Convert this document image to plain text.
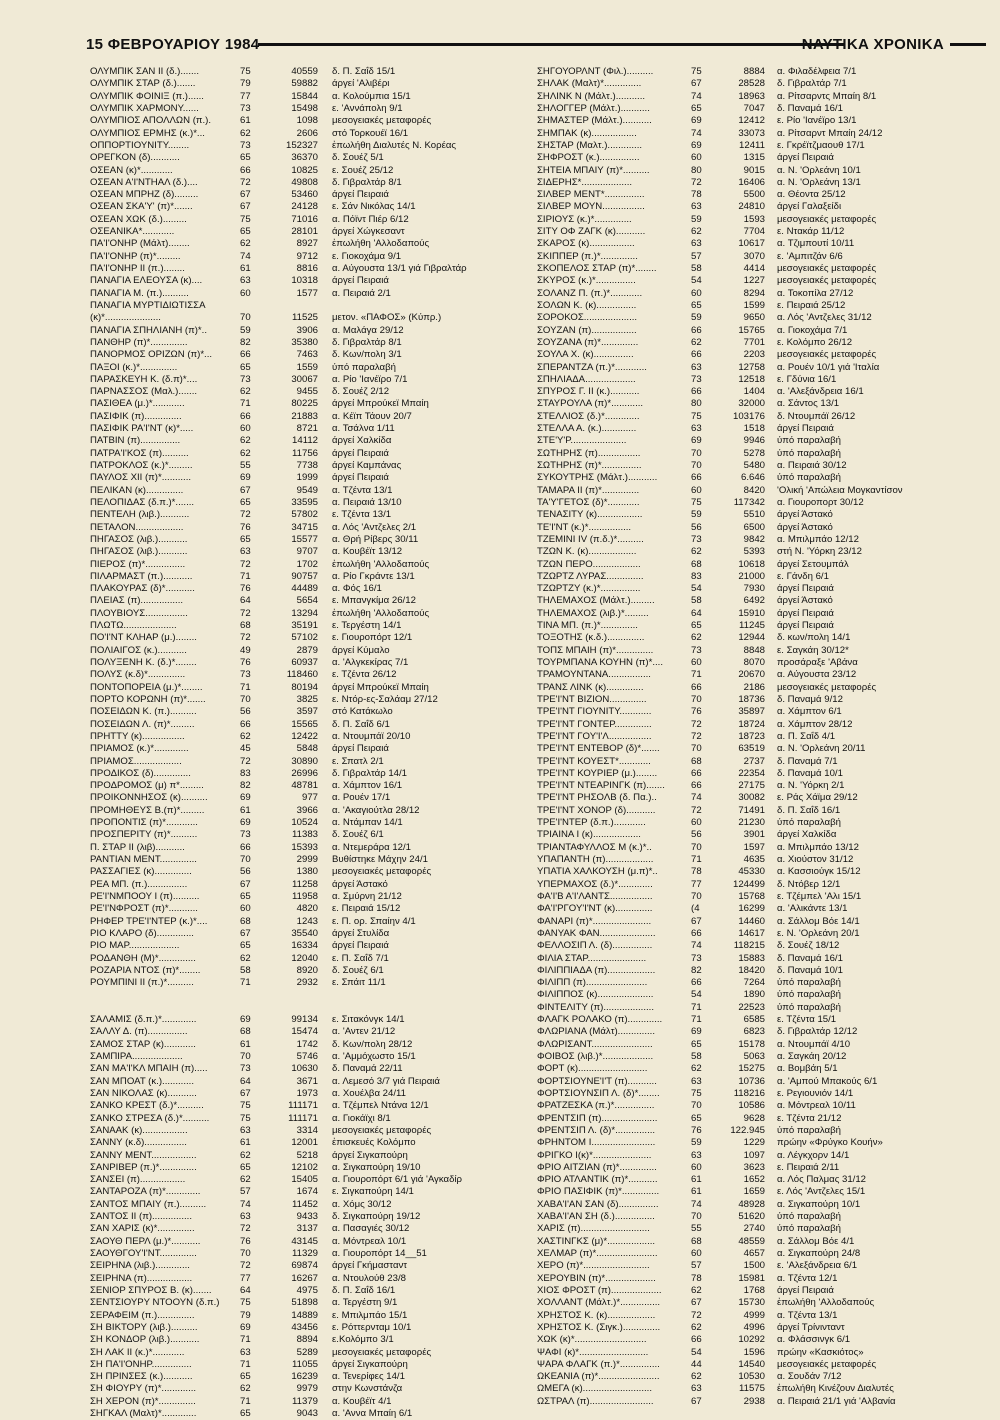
15 ΦΕΒΡΟΥΑΡΙΟΥ 1984	ΝΑΥΤΙΚΑ ΧΡΟΝΙΚΑ
ΟΛΥΜΠΙΚ ΣΑΝ ΙΙ (δ.).......	75	40559 δ. Π. Σαΐδ 15/1
ΟΛΥΜΠΙΚ ΣΤΑΡ (δ.).......	79	59882 άργεί 'Αλιβέρι
ΟΛΥΜΠΙΚ ΦΟΙΝΙΞ (π.)......	77	15844 α. Κολούμπια 15/1
ΟΛΥΜΠΙΚ ΧΑΡΜΟΝΥ......	73	15498 ε. 'Αννάπολη 9/1
ΟΛΥΜΠΙΟΣ ΑΠΟΛΛΩΝ (π.).	61	1098 μεσογειακές μεταφορές
ΟΛΥΜΠΙΟΣ ΕΡΜΗΣ (κ.)*...	62	2606 στό Τορκουέϊ 16/1
ΟΠΠΟΡΤΙΟΥΝΙΤΥ........	73	152327 ἐπωλήθη Διαλυτές Ν. Κορέας
ΟΡΕΓΚΟΝ (δ)...........	65	36370 δ. Σουέζ 5/1
ΟΣΕΑΝ (κ)*............	66	10825 ε. Σουέζ 25/12
ΟΣΕΑΝ Α'Ι'ΝΤΗΑΛ (δ.)....	72	49808 δ. Γιβραλτάρ 8/1
ΟΣΕΑΝ ΜΠΡΗΖ (δ).........	67	53460 άργεί Πειραιά
ΟΣΕΑΝ ΣΚΑ'Υ' (π)*.......	67	24128 ε. Σάν Νικόλας 14/1
ΟΣΕΑΝ ΧΩΚ (δ.).........	75	71016 α. Πόϊντ Πιέρ 6/12
ΟΣΕΑΝΙΚΑ*............	65	28101 άργεί Χώγκεσαντ
ΠΑ'Ι'ΟΝΗΡ (Μάλτ)........	62	8927 ἐπωλήθη 'Αλλοδαπούς
ΠΑ'Ι'ΟΝΗΡ (π)*.........	74	9712 ε. Γιοκοχάμα 9/1
ΠΑ'Ι'ΟΝΗΡ ΙΙ (π.)........	61	8816 α. Αύγουστα 13/1 γιά Γιβραλτάρ
ΠΑΝΑΓΙΑ ΕΛΕΟΥΣΑ (κ)....	63	10318 άργεί Πειραιά
ΠΑΝΑΓΙΑ Μ. (π.)..........	60	1577 α. Πειραιά 2/1
ΠΑΝΑΓΙΑ ΜΥΡΤΙΔΙΩΤΙΣΣΑ
(κ)*.....................	70	11525 μετον. «ΠΑΦΟΣ» (Κύπρ.)
ΠΑΝΑΓΙΑ ΣΠΗΛΙΑΝΗ (π)*..	59	3906 α. Μαλάγα 29/12
ΠΑΝΘΗΡ (π)*..............	82	35380 δ. Γιβραλτάρ 8/1
ΠΑΝΟΡΜΟΣ ΟΡΙΖΩΝ (π)*...	66	7463 δ. Κων/πολη 3/1
ΠΑΞΟΙ (κ.)*..............	65	1559 ύπό παραλαβή
ΠΑΡΑΣΚΕΥΗ Κ. (δ.π)*....	73	30067 α. Ρίο 'Ιανέϊρο 7/1
ΠΑΡΝΑΣΣΟΣ (Μαλ.).......	62	9455 δ. Σουέζ 2/12
ΠΑΣΙΘΕΑ (μ.)*............	71	80225 άργεί Μπρούκεϊ Μπαίη
ΠΑΣΙΦΙΚ (π)..............	66	21883 α. Κέϊπ Τάουν 20/7
ΠΑΣΙΦΙΚ ΡΑ'Ι'ΝΤ (κ)*.....	60	8721 α. Τσάλνα 1/11
ΠΑΤΒΙΝ (π)...............	62	14112 άργεί Χαλκίδα
ΠΑΤΡΑ'Ι'ΚΟΣ (π)..........	62	11756 άργεί Πειραιά
ΠΑΤΡΟΚΛΟΣ (κ.)*.........	55	7738 άργεί Καμπάνας
ΠΑΥΛΟΣ ΧΙΙ (π)*...........	69	1999 άργεί Πειραιά
ΠΕΛΙΚΑΝ (κ)..............	67	9549 α. Τζέντα 13/1
ΠΕΛΟΠΙΔΑΣ (δ.π.)*.......	65	33595 α. Πειραιά 13/10
ΠΕΝΤΕΛΗ (λιβ.)...........	72	57802 ε. Τζέντα 13/1
ΠΕΤΑΛΟΝ..................	76	34715 α. Λός 'Αντζελες 2/1
ΠΗΓΑΣΟΣ (λιβ.)...........	65	15577 α. Θρή Ρίβερς 30/11
ΠΗΓΑΣΟΣ (λιβ.)...........	63	9707 α. Κουβέϊτ 13/12
ΠΙΕΡΟΣ (π)*...............	72	1702 ἐπωλήθη 'Αλλοδαπούς
ΠΙΛΑΡΜΑΣΤ (π.)...........	71	90757 α. Ρίο Γκράντε 13/1
ΠΛΑΚΟΥΡΑΣ (δ)*...........	76	44489 α. Φός 16/1
ΠΛΕΙΑΣ (π)................	64	5654 ε. Μπανγκίμα 26/12
ΠΛΟΥΒΙΟΥΣ................	72	13294 ἐπωλήθη 'Αλλοδαπούς
ΠΛΩΤΩ....................	68	35191 ε. Τεργέστη 14/1
ΠΟ'Ι'ΝΤ ΚΛΗΑΡ (μ.)........	72	57102 ε. Γιουροπόρτ 12/1
ΠΟΛΙΑΙΓΟΣ (κ.)...........	49	2879 άργεί Κύμαλο
ΠΟΛΥΞΕΝΗ Κ. (δ.)*........	76	60937 α. 'Αλγκεκίρας 7/1
ΠΟΛΥΣ (κ.δ)*..............	73	118460 ε. Τζέντα 26/12
ΠΟΝΤΟΠΟΡΕΙΑ (μ.)*........	71	80194 άργεί Μπρούκεϊ Μπαίη
ΠΟΡΤΟ ΚΟΡΩΝΗ (π)*.......	70	3825 ε. Ντόρ-ες-Σαλάαμ 27/12
ΠΟΣΕΙΔΩΝ Κ. (π.)..........	56	3597 στό Κατάκωλο
ΠΟΣΕΙΔΩΝ Λ. (π)*.........	66	15565 δ. Π. Σαΐδ 6/1
ΠΡΗΤΤΥ (κ)................	62	12422 α. Ντουμπάϊ 20/10
ΠΡΙΑΜΟΣ (κ.)*.............	45	5848 άργεί Πειραιά
ΠΡΙΑΜΟΣ..................	72	30890 ε. Σπατλ 2/1
ΠΡΟΔΙΚΟΣ (δ)..............	83	26996 δ. Γιβραλτάρ 14/1
ΠΡΟΔΡΟΜΟΣ (μ) π*.........	82	48781 α. Χάμπτον 16/1
ΠΡΟΙΚΟΝΝΗΣΟΣ (κ)..........	69	977 α. Ρουέν 17/1
ΠΡΟΜΗΘΕΥΣ Β.(π)*.........	61	3966 α. 'Ακαγιούτλα 28/12
ΠΡΟΠΟΝΤΙΣ (π)*............	69	10524 α. Ντάμπαν 14/1
ΠΡΟΣΠΕΡΙΤΥ (π)*..........	73	11383 δ. Σουέζ 6/1
Π. ΣΤΑΡ ΙΙ (λιβ)...........	66	15393 α. Ντεμεράρα 12/1
ΡΑΝΤΙΑΝ ΜΕΝΤ..............	70	2999 Βυθίστηκε Μάχην 24/1
ΡΑΣΣΑΓΙΕΣ (κ)..............	56	1380 μεσογειακές μεταφορές
ΡΕΑ ΜΠ. (π.)...............	67	11258 άργεί Άστακό
ΡΕ'Ι'ΝΜΠΟΟΥ Ι (π)..........	65	11958 α. Σμύρνη 21/12
ΡΕ'Ι'ΝΦΡΟΣΤ (π)*...........	60	4820 ε. Πειραιά 15/12
ΡΗΦΕΡ ΤΡΕ'Ι'ΝΤΕΡ (κ.)*....	68	1243 ε. Π. ορ. Σπαίην 4/1
ΡΙΟ ΚΛΑΡΟ (δ)..............	67	35540 άργεί Στυλίδα
ΡΙΟ ΜΑΡ...................	65	16334 άργεί Πειραιά
ΡΟΔΑΝΘΗ (Μ)*..............	62	12040 ε. Π. Σαΐδ 7/1
ΡΟΖΑΡΙΑ ΝΤΟΣ (π)*........	58	8920 δ. Σουέζ 6/1
ΡΟΥΜΠΙΝΙ ΙΙ (π.)*..........	71	2932 ε. Σπάιτ 11/1
ΣΑΛΑΜΙΣ (δ.π.)*.............	69	99134 ε. Σιτακόνγκ 14/1
ΣΑΛΛΥ Δ. (π)...............	68	15474 α. 'Αντεν 21/12
ΣΑΜΟΣ ΣΤΑΡ (κ)............	61	1742 δ. Κων/πολη 28/12
ΣΑΜΠΙΡΑ...................	70	5746 α. 'Αμμόχωστο 15/1
ΣΑΝ ΜΑ'Ι'ΚΛ ΜΠΑΙΗ (π).....	73	10630 δ. Παναμά 22/11
ΣΑΝ ΜΠΟΑΤ (κ.)............	64	3671 α. Λεμεσό 3/7 γιά Πειραιά
ΣΑΝ ΝΙΚΟΛΑΣ (κ)...........	67	1973 α. Χουέλβα 24/11
ΣΑΝΚΟ ΚΡΕΣΤ (δ.)*..........	75	111171 α. Τζέμπελ Ντάνα 12/1
ΣΑΝΚΟ ΣΤΡΕΣΑ (δ.)*..........	75	111171 α. Γιοκάϊχι 8/1
ΣΑΝΑΑΚ (κ).................	63	3314 μεσογειακές μεταφορές
ΣΑΝΝΥ (κ.δ)................	61	12001 ἐπισκευές Κολόμπο
ΣΑΝΝΥ ΜΕΝΤ.................	62	5218 άργεί Σιγκαπούρη
ΣΑΝΡΙΒΕΡ (π.)*..............	65	12102 α. Σιγκαπούρη 19/10
ΣΑΝΣΕΙ (π).................	62	15405 α. Γιουροπόρτ 6/1 γιά 'Αγκαδίρ
ΣΑΝΤΑΡΟΖΑ (π)*.............	57	1674 ε. Σιγκαπούρη 14/1
ΣΑΝΤΟΣ ΜΠΑΙΥ (π.)..........	74	11452 α. Χόμς 30/12
ΣΑΝΤΟΣ ΙΙ (π)...............	63	9433 δ. Σιγκαπούρη 19/12
ΣΑΝ ΧΑΡΙΣ (κ)*..............	72	3137 α. Πασαγιές 30/12
ΣΑΟΥΘ ΠΕΡΛ (μ.)*...........	76	43145 α. Μόντρεαλ 10/1
ΣΑΟΥΘΓΟΥ'Ι'ΝΤ..............	70	11329 α. Γιουροπόρτ 14__51
ΣΕΙΡΗΝΑ (λιβ.).............	72	69874 άργεί Γκήμασταντ
ΣΕΙΡΗΝΑ (π).................	77	16267 α. Ντουλούθ 23/8
ΣΕΝΙΟΡ ΣΠΥΡΟΣ Β. (κ).......	64	4975 δ. Π. Σαΐδ 16/1
ΣΕΝΤΣΙΟΥΡΥ ΝΤΟΟΥΝ (δ.π.)	75	51898 α. Τεργέστη 9/1
ΣΕΡΑΦΕΙΜ (π.)..............	79	14889 ε. Μπιλμπάο 15/1
ΣΗ ΒΙΚΤΟΡΥ (λιβ.)..........	69	43456 ε. Ρόττερνταμ 10/1
ΣΗ ΚΟΝΔΟΡ (λιβ.)...........	71	8894 ε.Κολόμπο 3/1
ΣΗ ΛΑΚ ΙΙ (κ.)*............	63	5289 μεσογειακές μεταφορές
ΣΗ ΠΑ'Ι'ΟΝΗΡ...............	71	11055 άργεί Σιγκαπούρη
ΣΗ ΠΡΙΝΣΕΣ (κ.)...........	65	16239 α. Τενερίφες 14/1
ΣΗ ΦΙΟΥΡΥ (π)*.............	62	9979 στην Κωνστάνζα
ΣΗ ΧΕΡΟΝ (π)*..............	71	11379 α. Κουβέϊτ 4/1
ΣΗΓΚΑΛ (Μαλτ)*.............	65	9043 α. 'Αννα Μπαίη 6/1
ΣΗΓΟΥΟΡΛΝΤ (Φιλ.)..........	75	8884 α. Φιλαδέλφεια 7/1
ΣΗΛΑΚ (Μαλτ)*..............	67	28528 δ. Γιβραλτάρ 7/1
ΣΗΛΙΝΚ Ν (Μάλτ.)...........	74	18963 α. Ρίτσαρντς Μπαίη 8/1
ΣΗΛΟΓΓΕΡ (Μάλτ.)...........	65	7047 δ. Παναμά 16/1
ΣΗΜΑΣΤΕΡ (Μάλτ.)...........	69	12412 ε. Ρίο 'Ιανέϊρο 13/1
ΣΗΜΠΑΚ (κ).................	74	33073 α. Ρίτσαρντ Μπαίη 24/12
ΣΗΣΤΑΡ (Μαλτ.).............	69	12411 ε. Γκρέϊτζμαουθ 17/1
ΣΗΦΡΟΣΤ (κ.)...............	60	1315 άργεί Πειραιά
ΣΗΤΕΙΑ ΜΠΑΙΥ (π)*..........	80	9015 α. Ν. 'Ορλεάνη 10/1
ΣΙΔΕΡΗΣ*...................	72	16406 α. Ν. 'Ορλεάνη 13/1
ΣΙΛΒΕΡ ΜΕΝΤ*...............	78	5500 α. Θέοντα 25/12
ΣΙΛΒΕΡ ΜΟΥΝ................	63	24810 άργεί Γαλαξείδι
ΣΙΡΙΟΥΣ (κ.)*..............	59	1593 μεσογειακές μεταφορές
ΣΙΤΥ ΟΦ ΖΑΓΚ (κ)...........	62	7704 ε. Ντακάρ 11/12
ΣΚΑΡΟΣ (κ).................	63	10617 α. Τζιμπουτί 10/11
ΣΚΙΠΠΕΡ (π.)*..............	57	3070 ε. 'Αμπιτζάν 6/6
ΣΚΟΠΕΛΟΣ ΣΤΑΡ (π)*........	58	4414 μεσογειακές μεταφορές
ΣΚΥΡΟΣ (κ.)*...............	54	1227 μεσογειακές μεταφορές
ΣΟΛΑΝΖ Π. (π.)*............	60	8294 α. Τοκοπίλα 27/12
ΣΟΛΩΝ Κ. (κ)...............	65	1599 ε. Πειραιά 25/12
ΣΟΡΟΚΟΣ....................	59	9650 α. Λός 'Αντζελες 31/12
ΣΟΥΖΑΝ (π).................	66	15765 α. Γιοκοχάμα 7/1
ΣΟΥΖΑΝΑ (π)*..............	62	7701 ε. Κολόμπο 26/12
ΣΟΥΛΑ Χ. (κ)...............	66	2203 μεσογειακές μεταφορές
ΣΠΕΡΑΝΤΖΑ (π.)*............	63	12758 α. Ρουέν 10/1 γιά 'Ιταλία
ΣΠΗΛΙΑΔΑ...................	73	12518 ε. Γδύνια 16/1
ΣΠΥΡΟΣ Γ. ΙΙ (κ.)...........	66	1404 α. 'Αλεξάνδρεια 16/1
ΣΤΑΥΡΟΥΛΑ (π)*............	80	32000 α. Σάντος 13/1
ΣΤΕΛΛΙΟΣ (δ.)*.............	75	103176 δ. Ντουμπάϊ 26/12
ΣΤΕΛΛΑ Α. (κ.).............	63	1518 άργεί Πειραιά
ΣΤΕ'Υ'Ρ.....................	69	9946 ύπό παραλαβή
ΣΩΤΗΡΗΣ (π)................	70	5278 ύπό παραλαβή
ΣΩΤΗΡΗΣ (π)*...............	70	5480 α. Πειραιά 30/12
ΣΥΚΟΥΤΡΗΣ (Μάλτ.)...........	66	6.646 ύπό παραλαβή
ΤΑΜΑΡΑ ΙΙ (π)*..............	60	8420 'Ολική 'Απώλεια Μογκαντίσον
ΤΑ'Υ'ΓΕΤΟΣ (δ)*............	75	117342 α. Γιουροπορτ 30/12
ΤΕΝΑΣΙΤΥ (κ).................	59	5510 άργεί Άστακό
ΤΕ'Ι'ΝΤ (κ.)*................	56	6500 άργεί Άστακό
ΤΖΕΜΙΝΙ ΙV (π.δ.)*..........	73	9842 α. Μπιλμπάο 12/12
ΤΖΩΝ Κ. (κ)..................	62	5393 στή Ν. 'Υόρκη 23/12
ΤΖΩΝ ΠΕΡΟ..................	68	10618 άργεί Σετουμπάλ
ΤΖΩΡΤΖ ΛΥΡΑΣ..............	83	21000 ε. Γάνδη 6/1
ΤΖΩΡΤΖΥ (κ.)*...............	54	7930 άργεί Πειραιά
ΤΗΛΕΜΑΧΟΣ (Μάλτ.).........	58	6492 άργεί Άστακό
ΤΗΛΕΜΑΧΟΣ (λιβ.)*.........	64	15910 άργεί Πειραιά
ΤΙΝΑ ΜΠ. (π.)*..............	65	11245 άργεί Πειραιά
ΤΟΞΟΤΗΣ (κ.δ.)..............	62	12944 δ. κων/πολη 14/1
ΤΟΠΣ ΜΠΑΙΗ (π)*..............	73	8848 ε. Σαγκάη 30/12*
ΤΟΥΡΜΠΑΝΑ ΚΟΥΗΝ (π)*....	60	8070 προσάραξε 'Αβάνα
ΤΡΑΜΟΥΝΤΑΝΑ................	71	20670 α. Αύγουστα 23/12
ΤΡΑΝΣ ΛΙΝΚ (κ)..............	66	2186 μεσογειακές μεταφορές
ΤΡΕ'Ι'ΝΤ ΒΙΖΙΟΝ..............	70	18736 δ. Παναμά 9/12
ΤΡΕ'Ι'ΝΤ ΓΙΟΥΝΙΤΥ............	76	35897 α. Χάμπτον 6/1
ΤΡΕ'Ι'ΝΤ ΓΟΝΤΕΡ..............	72	18724 α. Χάμπτον 28/12
ΤΡΕ'Ι'ΝΤ ΓΟΥ'Ι'Λ................	72	18723 α. Π. Σαΐδ 4/1
ΤΡΕ'Ι'ΝΤ ΕΝΤΕΒΟΡ (δ)*.......	70	63519 α. Ν. 'Ορλεάνη 20/11
ΤΡΕ'Ι'ΝΤ ΚΟΥΕΣΤ*............	68	2737 δ. Παναμά 7/1
ΤΡΕ'Ι'ΝΤ ΚΟΥΡΙΕΡ (μ.)........	66	22354 δ. Παναμά 10/1
ΤΡΕ'Ι'ΝΤ ΝΤΕΑΡΙΝΓΚ (π).......	66	27175 α. Ν. 'Υόρκη 2/1
ΤΡΕ'Ι'ΝΤ ΡΗΣΟΛΒ (δ. Πα.)..	74	30082 ε. Ράς Χάϊμα 29/12
ΤΡΕ'Ι'ΝΤ ΧΟΝΟΡ (δ)...........	72	71491 δ. Π. Σαΐδ 16/1
ΤΡΕ'Ι'ΝΤΕΡ (δ.π.)............	60	21230 ύπό παραλαβή
ΤΡΙΑΙΝΑ Ι (κ)..................	56	3901 άργεί Χαλκίδα
ΤΡΙΑΝΤΑΦΥΛΛΟΣ Μ (κ.)*..	70	1597 α. Μπιλμπάο 13/12
ΥΠΑΠΑΝΤΗ (π)..................	71	4635 α. Χιούστον 31/12
ΥΠΑΤΙΑ ΧΑΛΚΟΥΣΗ (μ.π)*..	78	45330 α. Κασσιούγκ 15/12
ΥΠΕΡΜΑΧΟΣ (δ.)*.............	77	124499 δ. Ντόβερ 12/1
ΦΑ'Ι'Β Α'Ι'ΛΑΝΤΣ................	70	15768 ε. Τζέμπελ 'Αλι 15/1
ΦΑ'Ι'ΡΓΟΥ'Ι'ΝΤ (κ)..............	(4	16299 α. 'Αλικάντε 13/1
ΦΑΝΑΡΙ (π)*......................	67	14460 α. Σάλλομ Βόε 14/1
ΦΑΝΥΑΚ ΦΑΝ.....................	66	14617 ε. Ν. 'Ορλεάνη 20/1
ΦΕΛΛΟΣΙΠ Λ. (δ)...............	74	118215 δ. Σουέζ 18/12
ΦΙΛΙΑ ΣΤΑΡ......................	73	15883 δ. Παναμά 16/1
ΦΙΛΙΠΠΙΑΔΑ (π)..................	82	18420 δ. Παναμά 10/1
ΦΙΛΙΠΠ (π).......................	66	7264 ύπό παραλαβή
ΦΙΛΙΠΠΟΣ (κ).....................	54	1890 ύπό παραλαβή
ΦΙΝΤΕΛΙΤΥ (π)...................	71	22523 ύπό παραλαβή
ΦΛΑΓΚ ΡΟΛΑΚΟ (π).............	71	6585 ε. Τζέντα 15/1
ΦΛΩΡΙΑΝΑ (Μάλτ)..............	69	6823 δ. Γιβραλτάρ 12/12
ΦΛΩΡΙΣΑΝΤ.......................	65	15178 α. Ντουμπάϊ 4/10
ΦΟΙΒΟΣ (λιβ.)*...................	58	5063 α. Σαγκάη 20/12
ΦΟΡΤ (κ)..........................	62	15275 α. Βομβάη 5/1
ΦΟΡΤΣΙΟΥΝΕ'Ι'Τ (π)...........	63	10736 α. 'Αμπού Μπακούς 6/1
ΦΟΡΤΣΙΟΥΝΣΙΠ Λ. (δ)*........	75	118216 ε. Ρεγιουνιόν 14/1
ΦΡΑΤΖΕΣΚΑ (π.)*...............	70	10586 α. Μόντρεαλ 10/11
ΦΡΕΝΤΣΙΠ (π).....................	65	9628 ε. Τζέντα 21/12
ΦΡΕΝΤΣΙΠ Λ. (δ)*...............	76	122.945 ύπό παραλαβή
ΦΡΗΝΤΟΜ Ι........................	59	1229 πρώην «Φρύγκο Κουήν»
ΦΡΙΓΚΟ Ι(κ)*......................	63	1097 α. Λέγκχορν 14/1
ΦΡΙΟ ΑΙΤΖΙΑΝ (π)*..............	60	3623 ε. Πειραιά 2/11
ΦΡΙΟ ΑΤΛΑΝΤΙΚ (π)*...........	61	1652 α. Λός Παλμας 31/12
ΦΡΙΟ ΠΑΣΙΦΙΚ (π)*..............	61	1659 ε. Λός 'Αντζελες 15/1
ΧΑΒΑ'Ι'ΑΝ ΣΑΝ (δ)...............	74	48928 α. Σιγκαπούρη 10/1
ΧΑΒΑ'Ι'ΑΝ ΣΗ (δ.)...............	70	51620 ύπό παραλαβή
ΧΑΡΙΣ (π)..........................	55	2740 ύπό παραλαβή
ΧΑΣΤΙΝΓΚΣ (μ)*..................	68	48559 α. Σάλλομ Βόε 4/1
ΧΕΛΜΑΡ (π)*.......................	60	4657 α. Σιγκαπούρη 24/8
ΧΕΡΟ (π)*.........................	57	1500 ε. 'Αλεξάνδρεια 6/1
ΧΕΡΟΥΒΙΝ (π)*...................	78	15981 α. Τζέντα 12/1
ΧΙΟΣ ΦΡΟΣΤ (π)...................	62	1768 άργεί Πειραιά
ΧΟΛΛΑΝΤ (Μάλτ.)*...............	67	15730 ἐπωλήθη 'Αλλοδαπούς
ΧΡΗΣΤΟΣ Κ. (κ)..................	72	4999 α. Τζέντα 13/1
ΧΡΗΣΤΟΣ Κ. (Σιγκ.)..............	62	4996 άργεί Τρίνινταντ
ΧΩΚ (κ)*...........................	66	10292 α. Φλάσσινγκ 6/1
ΨΑΦΙ (κ)*..........................	54	1596 πρώην «Κασκιότος»
ΨΑΡΑ ΦΛΑΓΚ (π.)*...............	44	14540 μεσογειακές μεταφορές
ΩΚΕΑΝΙΑ (π)*.......................	62	10530 α. Σουδάν 7/12
ΩΜΕΓΑ (κ)..........................	63	11575 ἐπωλήθη Κινέζουν Διαλυτές
ΩΣΤΡΑΛ (π)........................	67	2938 α. Πειραιά 21/1 γιά 'Αλβανία
